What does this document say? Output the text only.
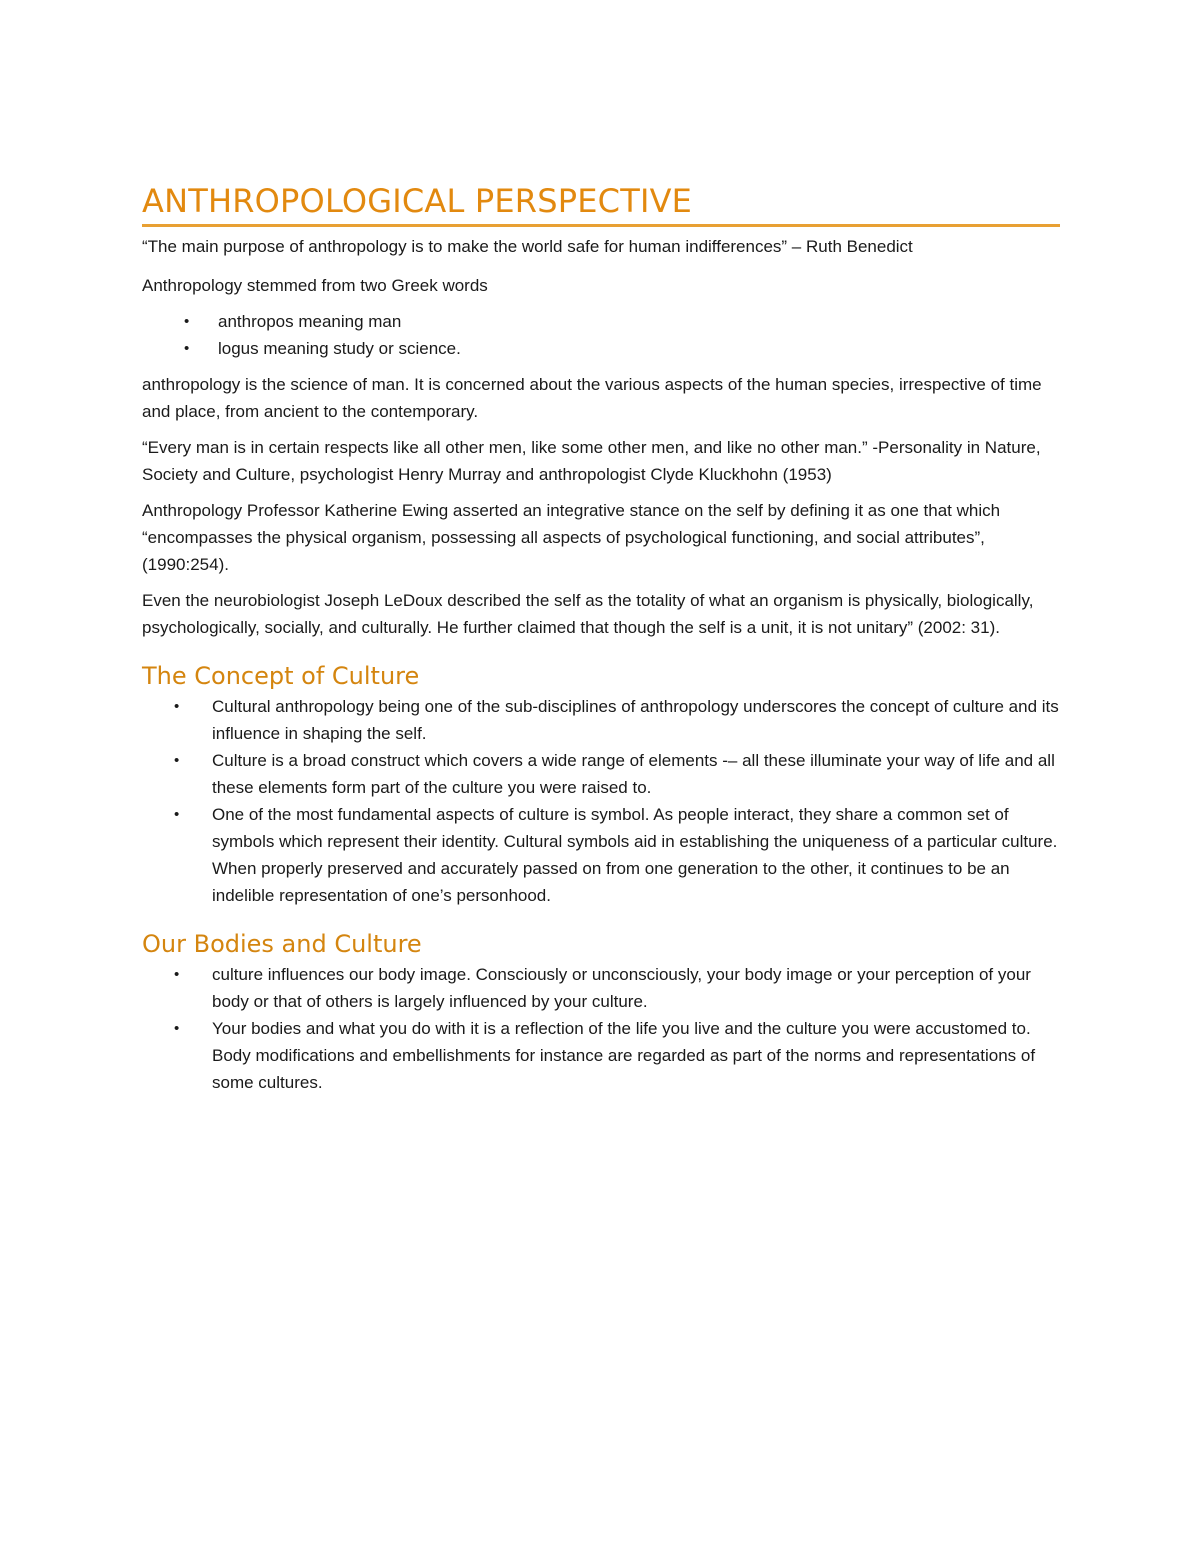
ANTHROPOLOGICAL PERSPECTIVE

“The main purpose of anthropology is to make the world safe for human indifferences” – Ruth Benedict

Anthropology stemmed from two Greek words

• anthropos meaning man
• logus meaning study or science.

anthropology is the science of man. It is concerned about the various aspects of the human species, irrespective of time and place, from ancient to the contemporary.

“Every man is in certain respects like all other men, like some other men, and like no other man.” -Personality in Nature, Society and Culture, psychologist Henry Murray and anthropologist Clyde Kluckhohn (1953)

Anthropology Professor Katherine Ewing asserted an integrative stance on the self by defining it as one that which “encompasses the physical organism, possessing all aspects of psychological functioning, and social attributes”, (1990:254).

Even the neurobiologist Joseph LeDoux described the self as the totality of what an organism is physically, biologically, psychologically, socially, and culturally. He further claimed that though the self is a unit, it is not unitary” (2002: 31).

The Concept of Culture
• Cultural anthropology being one of the sub-disciplines of anthropology underscores the concept of culture and its influence in shaping the self.
• Culture is a broad construct which covers a wide range of elements -– all these illuminate your way of life and all these elements form part of the culture you were raised to.
• One of the most fundamental aspects of culture is symbol. As people interact, they share a common set of symbols which represent their identity. Cultural symbols aid in establishing the uniqueness of a particular culture. When properly preserved and accurately passed on from one generation to the other, it continues to be an indelible representation of one’s personhood.
Our Bodies and Culture
• culture influences our body image. Consciously or unconsciously, your body image or your perception of your body or that of others is largely influenced by your culture.
• Your bodies and what you do with it is a reflection of the life you live and the culture you were accustomed to. Body modifications and embellishments for instance are regarded as part of the norms and representations of some cultures.
